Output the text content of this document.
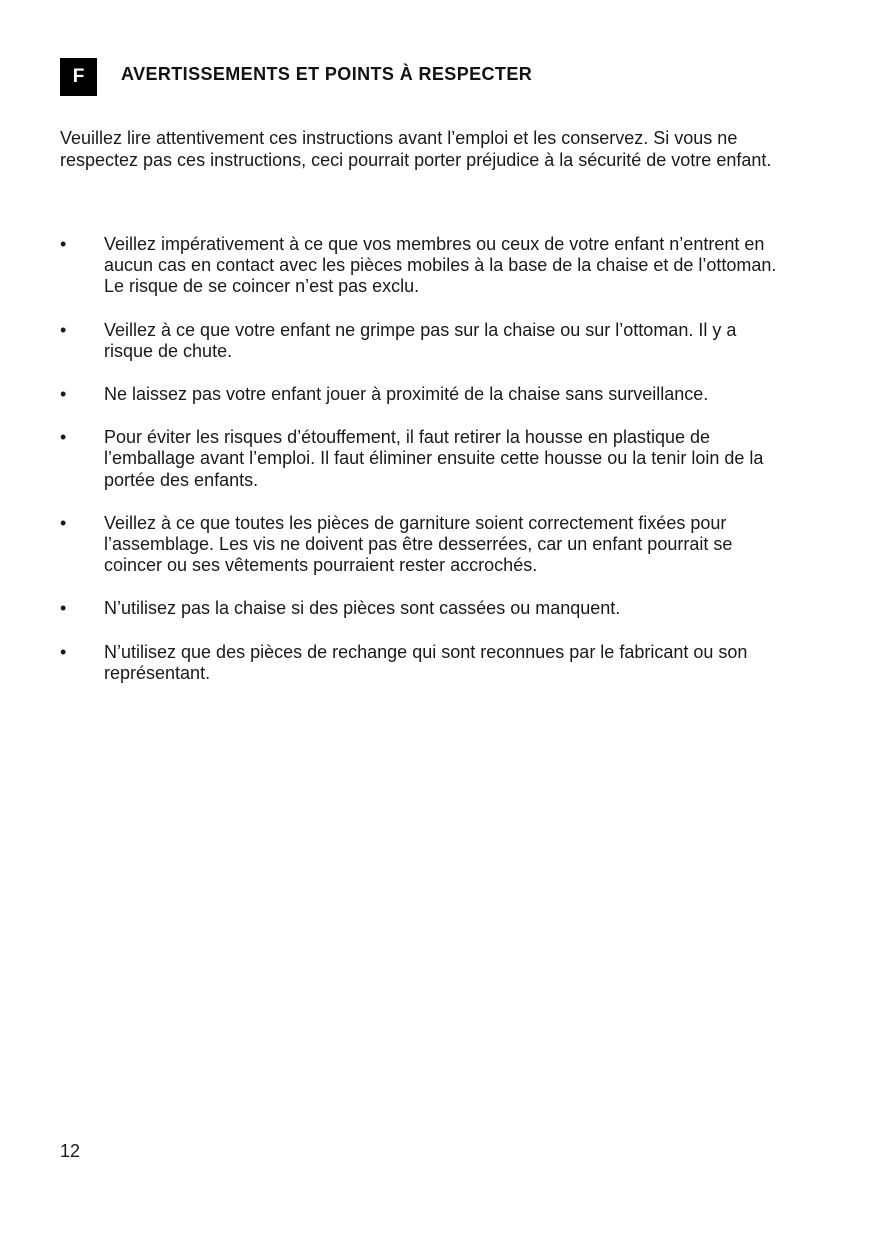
F	AVERTISSEMENTS ET POINTS À RESPECTER

Veuillez lire attentivement ces instructions avant l’emploi et les conservez. Si vous ne respectez pas ces instructions, ceci pourrait porter préjudice à la sécurité de votre enfant.

• Veillez impérativement à ce que vos membres ou ceux de votre enfant n’entrent en aucun cas en contact avec les pièces mobiles à la base de la chaise et de l’ottoman. Le risque de se coincer n’est pas exclu.
• Veillez à ce que votre enfant ne grimpe pas sur la chaise ou sur l’ottoman. Il y a risque de chute.
• Ne laissez pas votre enfant jouer à proximité de la chaise sans surveillance.
• Pour éviter les risques d’étouffement, il faut retirer la housse en plastique de l’emballage avant l’emploi. Il faut éliminer ensuite cette housse ou la tenir loin de la portée des enfants.
• Veillez à ce que toutes les pièces de garniture soient correctement fixées pour l’assemblage. Les vis ne doivent pas être desserrées, car un enfant pourrait se coincer ou ses vêtements pourraient rester accrochés.
• N’utilisez pas la chaise si des pièces sont cassées ou manquent.
• N’utilisez que des pièces de rechange qui sont reconnues par le fabricant ou son représentant.

12
